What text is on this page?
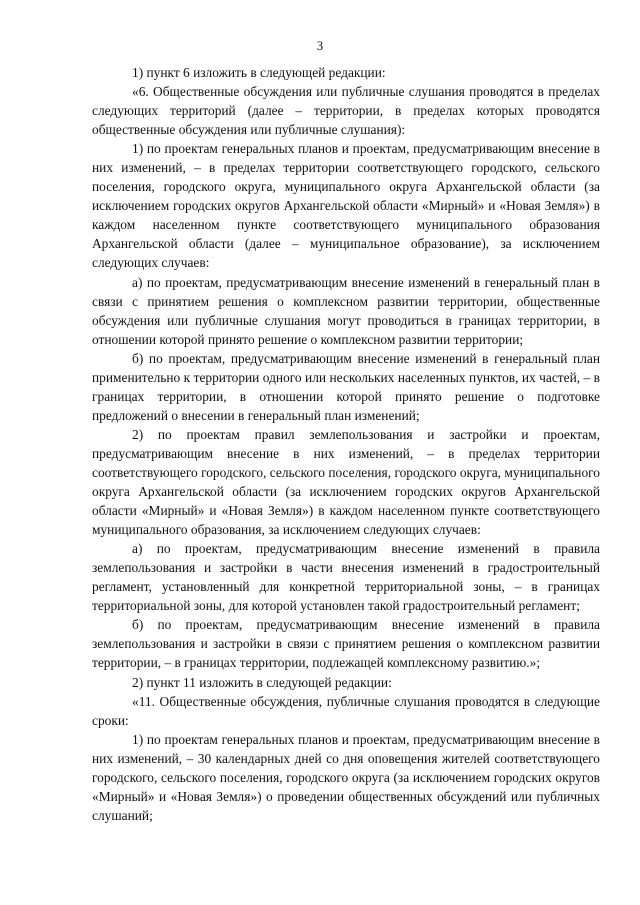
3

1) пункт 6 изложить в следующей редакции:

«6. Общественные обсуждения или публичные слушания проводятся в пределах следующих территорий (далее – территории, в пределах которых проводятся общественные обсуждения или публичные слушания):

1) по проектам генеральных планов и проектам, предусматривающим внесение в них изменений, – в пределах территории соответствующего городского, сельского поселения, городского округа, муниципального округа Архангельской области (за исключением городских округов Архангельской области «Мирный» и «Новая Земля») в каждом населенном пункте соответствующего муниципального образования Архангельской области (далее – муниципальное образование), за исключением следующих случаев:

а) по проектам, предусматривающим внесение изменений в генеральный план в связи с принятием решения о комплексном развитии территории, общественные обсуждения или публичные слушания могут проводиться в границах территории, в отношении которой принято решение о комплексном развитии территории;

б) по проектам, предусматривающим внесение изменений в генеральный план применительно к территории одного или нескольких населенных пунктов, их частей, – в границах территории, в отношении которой принято решение о подготовке предложений о внесении в генеральный план изменений;

2) по проектам правил землепользования и застройки и проектам, предусматривающим внесение в них изменений, – в пределах территории соответствующего городского, сельского поселения, городского округа, муниципального округа Архангельской области (за исключением городских округов Архангельской области «Мирный» и «Новая Земля») в каждом населенном пункте соответствующего муниципального образования, за исключением следующих случаев:

а) по проектам, предусматривающим внесение изменений в правила землепользования и застройки в части внесения изменений в градостроительный регламент, установленный для конкретной территориальной зоны, – в границах территориальной зоны, для которой установлен такой градостроительный регламент;

б) по проектам, предусматривающим внесение изменений в правила землепользования и застройки в связи с принятием решения о комплексном развитии территории, – в границах территории, подлежащей комплексному развитию.»;

2) пункт 11 изложить в следующей редакции:

«11. Общественные обсуждения, публичные слушания проводятся в следующие сроки:

1) по проектам генеральных планов и проектам, предусматривающим внесение в них изменений, – 30 календарных дней со дня оповещения жителей соответствующего городского, сельского поселения, городского округа (за исключением городских округов «Мирный» и «Новая Земля») о проведении общественных обсуждений или публичных слушаний;
